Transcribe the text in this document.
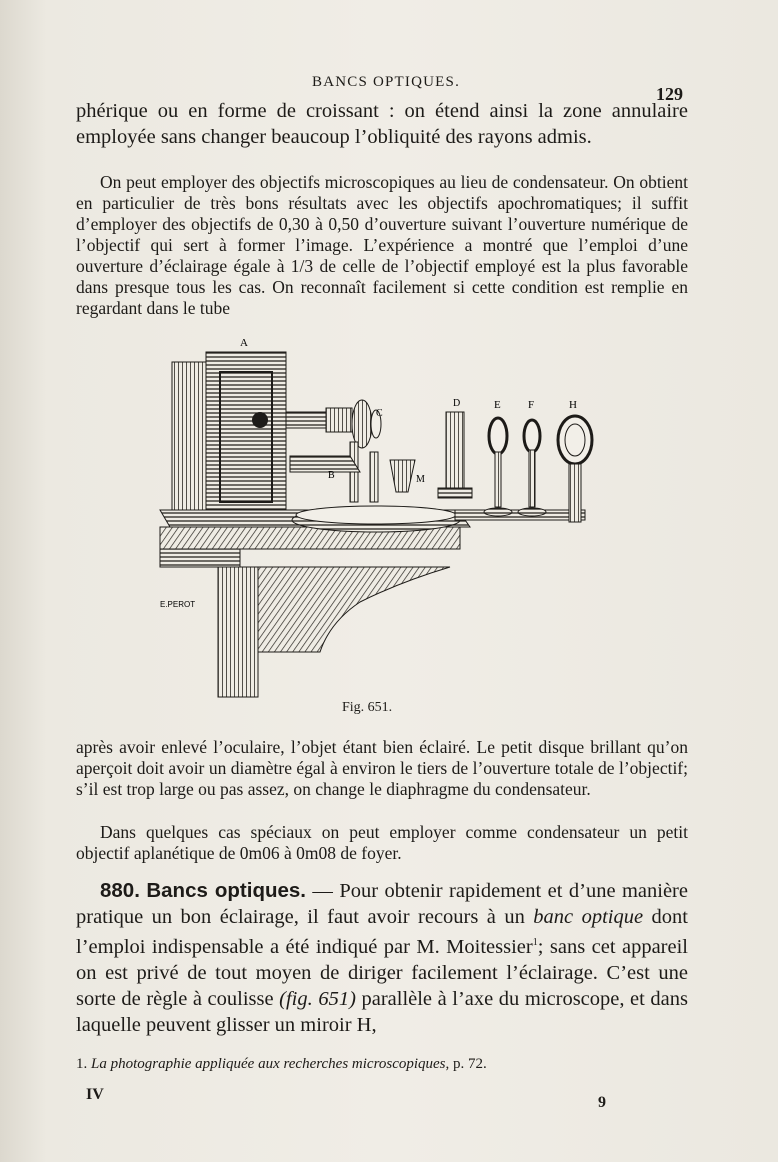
BANCS OPTIQUES.
129

phérique ou en forme de croissant : on étend ainsi la zone annulaire employée sans changer beaucoup l’obliquité des rayons admis.

On peut employer des objectifs microscopiques au lieu de condensateur. On obtient en particulier de très bons résultats avec les objectifs apochromatiques; il suffit d’employer des objectifs de 0,30 à 0,50 d’ouverture suivant l’ouverture numérique de l’objectif qui sert à former l’image. L’expérience a montré que l’emploi d’une ouverture d’éclairage égale à 1/3 de celle de l’objectif employé est la plus favorable dans presque tous les cas. On reconnaît facilement si cette condition est remplie en regardant dans le tube

A
B
C
D	E F	H
M
E.PEROT
Fig. 651.

après avoir enlevé l’oculaire, l’objet étant bien éclairé. Le petit disque brillant qu’on aperçoit doit avoir un diamètre égal à environ le tiers de l’ouverture totale de l’objectif; s’il est trop large ou pas assez, on change le diaphragme du condensateur.

Dans quelques cas spéciaux on peut employer comme condensateur un petit objectif aplanétique de 0m06 à 0m08 de foyer.

880. Bancs optiques. — Pour obtenir rapidement et d’une manière pratique un bon éclairage, il faut avoir recours à un banc optique dont l’emploi indispensable a été indiqué par M. Moitessier$^1$; sans cet appareil on est privé de tout moyen de diriger facilement l’éclairage. C’est une sorte de règle à coulisse (fig. 651) parallèle à l’axe du microscope, et dans laquelle peuvent glisser un miroir H,

1. La photographie appliquée aux recherches microscopiques, p. 72.
IV	9
